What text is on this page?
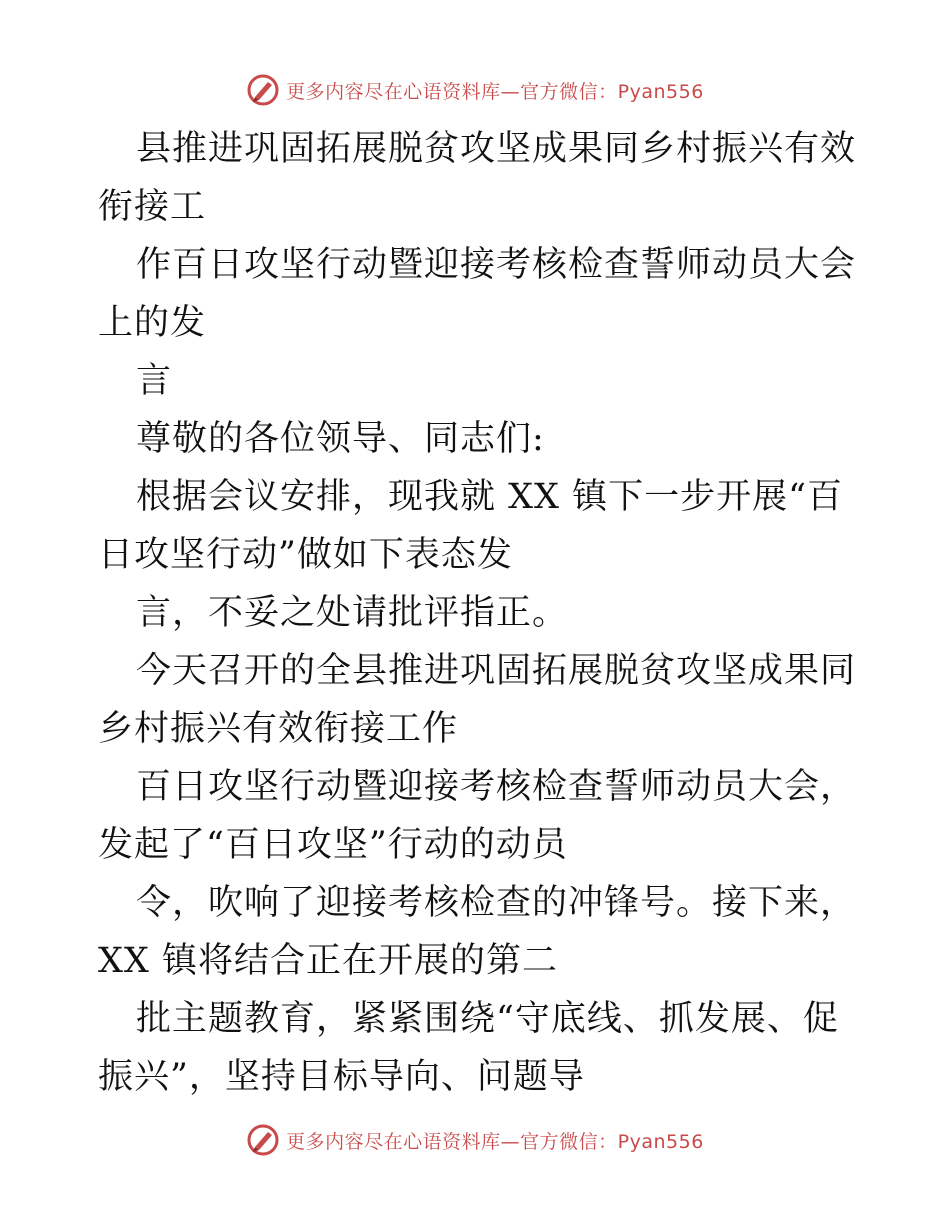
更多内容尽在心语资料库—官方微信：Pyan556

县推进巩固拓展脱贫攻坚成果同乡村振兴有效衔接工

作百日攻坚行动暨迎接考核检查誓师动员大会上的发

言

尊敬的各位领导、同志们:

根据会议安排，现我就 XX 镇下一步开展“百日攻坚行动”做如下表态发

言，不妥之处请批评指正。

今天召开的全县推进巩固拓展脱贫攻坚成果同乡村振兴有效衔接工作

百日攻坚行动暨迎接考核检查誓师动员大会，发起了“百日攻坚”行动的动员

令，吹响了迎接考核检查的冲锋号。接下来，XX 镇将结合正在开展的第二

批主题教育，紧紧围绕“守底线、抓发展、促振兴”，坚持目标导向、问题导

更多内容尽在心语资料库—官方微信：Pyan556
